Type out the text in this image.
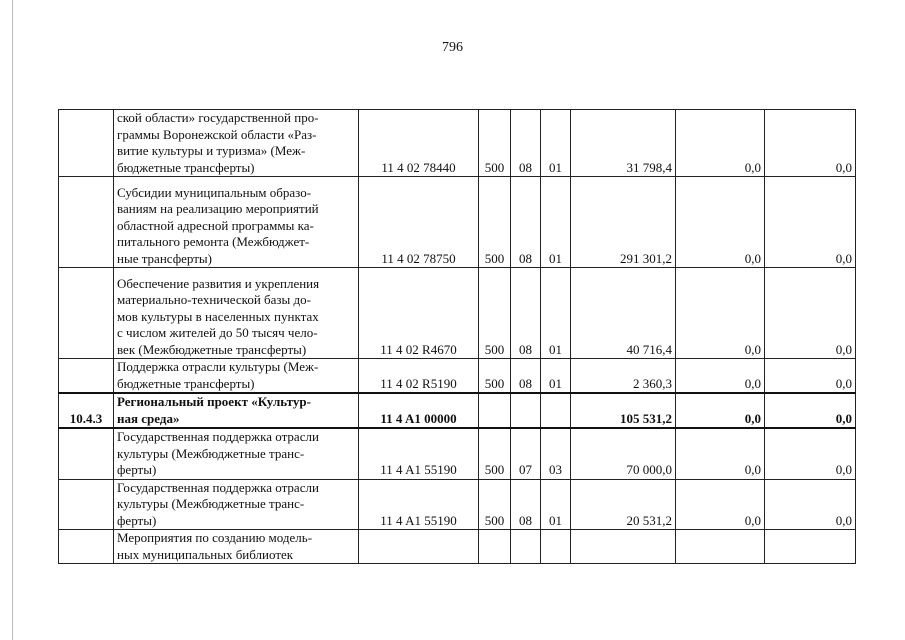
796
	ской области» государственной про-
граммы Воронежской области «Раз-
витие культуры и туризма» (Меж-
бюджетные трансферты)	11 4 02 78440	500	08	01	31 798,4	0,0	0,0
	Субсидии муниципальным образо-
ваниям на реализацию мероприятий
областной адресной программы ка-
питального ремонта (Межбюджет-
ные трансферты)	11 4 02 78750	500	08	01	291 301,2	0,0	0,0
	Обеспечение развития и укрепления
материально-технической базы до-
мов культуры в населенных пунктах
с числом жителей до 50 тысяч чело-
век (Межбюджетные трансферты)	11 4 02 R4670	500	08	01	40 716,4	0,0	0,0
	Поддержка отрасли культуры (Меж-
бюджетные трансферты)	11 4 02 R5190	500	08	01	2 360,3	0,0	0,0
10.4.3	Региональный проект «Культур-
ная среда»	11 4 A1 00000				105 531,2	0,0	0,0
	Государственная поддержка отрасли
культуры (Межбюджетные транс-
ферты)	11 4 A1 55190	500	07	03	70 000,0	0,0	0,0
	Государственная поддержка отрасли
культуры (Межбюджетные транс-
ферты)	11 4 A1 55190	500	08	01	20 531,2	0,0	0,0
	Мероприятия по созданию модель-
ных муниципальных библиотек							
